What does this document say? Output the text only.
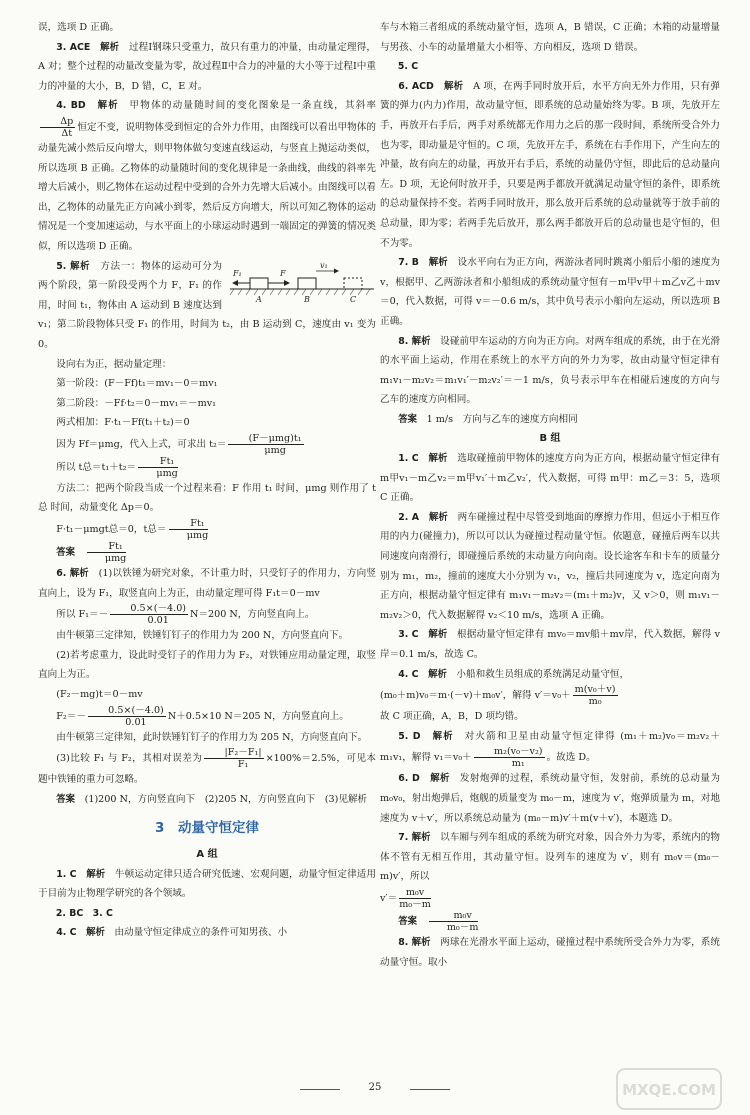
误，选项 D 正确。

3. ACE　 解析　 过程Ⅰ钢珠只受重力，故只有重力的冲量，由动量定理得，A 对；整个过程的动量改变量为零，故过程Ⅱ中合力的冲量的大小等于过程Ⅰ中重力的冲量的大小，B，D 错，C，E 对。

4. BD　 解析　 甲物体的动量随时间的变化图象是一条直线，其斜率
$\frac{\Delta p}{\Delta t}$ 恒定不变，说明物体受到恒定的合外力作用，由图线可以看出甲物体的动量先减小然后反向增大，则甲物体做匀变速直线运动，与竖直上抛运动类似，所以选项 B 正确。乙物体的动量随时间的变化规律是一条曲线，曲线的斜率先增大后减小，则乙物体在运动过程中受到的合外力先增大后减小。由图线可以看出，乙物体的动量先正方向减小到零，然后反方向增大，所以可知乙物体的运动情况是一个变加速运动，与水平面上的小球运动时遇到一端固定的弹簧的情况类似，所以选项 D 正确。

F₁	F
v₁
A	B	C

5. 解析　 方法一：物体的运动可分为两个阶段，第一阶段受两个力 F，F₁ 的作用，时间 t₁，物体由 A 运动到 B 速度达到 v₁；第二阶段物体只受 F₁ 的作用，时间为 t₂，由 B 运动到 C，速度由 v₁ 变为 0。

设向右为正，据动量定理：

第一阶段：(F－Ff)t₁＝mv₁－0＝mv₁

第二阶段：－Ff·t₂＝0－mv₁＝－mv₁

两式相加：F·t₁－Ff(t₁＋t₂)＝0

因为 Ff＝μmg，代入上式，可求出 $t_2= \frac{\text{(F－μmg)t₁}}{\text{μmg}}$

所以 t总$=t_1+t_2= \frac{\text{Ft₁}}{\text{μmg}}$

方法二：把两个阶段当成一个过程来看：F 作用 t₁ 时间，μmg 则作用了 t总 时间，动量变化 Δp＝0。

F·t₁－μmgt总＝0，t总＝ $\frac{\text{Ft₁}}{\text{μmg}}$

答案　 $\frac{\text{Ft₁}}{\text{μmg}}$

6. 解析　 (1)以铁锤为研究对象，不计重力时，只受钉子的作用力，方向竖直向上，设为 F₁，取竖直向上为正，由动量定理可得 F₁t＝0－mv

所以 $F_1=- \frac{0.5\times(-4.0)}{0.01} N=200$ N，方向竖直向上。

由牛顿第三定律知，铁锤钉钉子的作用力为 200 N，方向竖直向下。

(2)若考虑重力，设此时受钉子的作用力为 F₂，对铁锤应用动量定理，取竖直向上为正。

(F₂－mg)t＝0－mv

$F_2=- \frac{0.5\times(-4.0)}{0.01} N+0.5\times 10$ N＝205 N，方向竖直向上。

由牛顿第三定律知，此时铁锤钉钉子的作用力为 205 N，方向竖直向下。

(3)比较 F₁ 与 F₂，其相对误差为 $\frac{\text{|F₂－F₁|}}{\text{F₁}} \times 100\%=2.5\%$，可见本题中铁锤的重力可忽略。

答案　 (1)200 N，方向竖直向下　(2)205 N，方向竖直向下　(3)见解析

3　动量守恒定律
A 组

1. C　 解析　 牛顿运动定律只适合研究低速、宏观问题，动量守恒定律适用于目前为止物理学研究的各个领域。

2. BC　3. C

4. C　 解析　 由动量守恒定律成立的条件可知男孩、小

车与木箱三者组成的系统动量守恒，选项 A，B 错误，C 正确；木箱的动量增量与男孩、小车的动量增量大小相等、方向相反，选项 D 错误。

5. C

6. ACD　 解析　 A 项，在两手同时放开后，水平方向无外力作用，只有弹簧的弹力(内力)作用，故动量守恒，即系统的总动量始终为零。B 项，先放开左手，再放开右手后，两手对系统都无作用力之后的那一段时间，系统所受合外力也为零，即动量是守恒的。C 项，先放开左手，系统在右手作用下，产生向左的冲量，故有向左的动量，再放开右手后，系统的动量仍守恒，即此后的总动量向左。D 项，无论何时放开手，只要是两手都放开就满足动量守恒的条件，即系统的总动量保持不变。若两手同时放开，那么放开后系统的总动量就等于放手前的总动量，即为零；若两手先后放开，那么两手都放开后的总动量也是守恒的，但不为零。

7. B　 解析　 设水平向右为正方向，两游泳者同时跳离小船后小船的速度为 v，根据甲、乙两游泳者和小船组成的系统动量守恒有－m甲v甲＋m乙v乙＋mv＝0，代入数据，可得 v＝－0.6 m/s，其中负号表示小船向左运动，所以选项 B 正确。

8. 解析　 设碰前甲车运动的方向为正方向。对两车组成的系统，由于在光滑的水平面上运动，作用在系统上的水平方向的外力为零，故由动量守恒定律有 m₁v₁－m₂v₂＝m₁v₁′－m₂v₂′＝－1 m/s，负号表示甲车在相碰后速度的方向与乙车的速度方向相同。

答案　 1 m/s　方向与乙车的速度方向相同

B 组

1. C　 解析　 选取碰撞前甲物体的速度方向为正方向，根据动量守恒定律有 m甲v₁－m乙v₂＝m甲v₁′＋m乙v₂′，代入数据，可得 m甲：m乙＝3：5，选项 C 正确。

2. A　 解析　 两车碰撞过程中尽管受到地面的摩擦力作用，但远小于相互作用的内力(碰撞力)，所以可以认为碰撞过程动量守恒。依题意，碰撞后两车以共同速度向南滑行，即碰撞后系统的末动量方向向南。设长途客车和卡车的质量分别为 m₁，m₂，撞前的速度大小分别为 v₁，v₂，撞后共同速度为 v，选定向南为正方向，根据动量守恒定律有 m₁v₁－m₂v₂＝(m₁＋m₂)v，又 v＞0，则 m₁v₁－m₂v₂＞0，代入数据解得 v₂＜10 m/s，选项 A 正确。

3. C　 解析　 根据动量守恒定律有 mv₀＝mv船＋mv岸，代入数据，解得 v岸＝0.1 m/s，故选 C。

4. C　 解析　 小船和救生员组成的系统满足动量守恒，

(m₀＋m)v₀＝m·(－v)＋m₀v′，解得 $v'=v_0+ \frac{\text{m(v₀＋v)}}{\text{m₀}}$

故 C 项正确，A，B，D 项均错。

5. D　 解析　 对火箭和卫星由动量守恒定律得 (m₁＋m₂)v₀＝m₂v₂＋m₁v₁，解得 $v_1=v_0+ \frac{\text{m₂(v₀－v₂)}}{\text{m₁}}$ 。故选 D。

6. D　 解析　 发射炮弹的过程，系统动量守恒，发射前，系统的总动量为 m₀v₀，射出炮弹后，炮舰的质量变为 m₀－m，速度为 v′，炮弹质量为 m，对地速度为 v＋v′，所以系统总动量为 (m₀－m)v′＋m(v＋v′)，本题选 D。

7. 解析　 以车厢与列车组成的系统为研究对象，因合外力为零，系统内的物体不管有无相互作用，其动量守恒。设列车的速度为 v′，则有 m₀v＝(m₀－m)v′，所以

$v'= \frac{\text{m₀v}}{\text{m₀－m}}$

答案　 $\frac{\text{m₀v}}{\text{m₀－m}}$

8. 解析　 两球在光滑水平面上运动，碰撞过程中系统所受合外力为零，系统动量守恒。取小

25	MXQE.COM
